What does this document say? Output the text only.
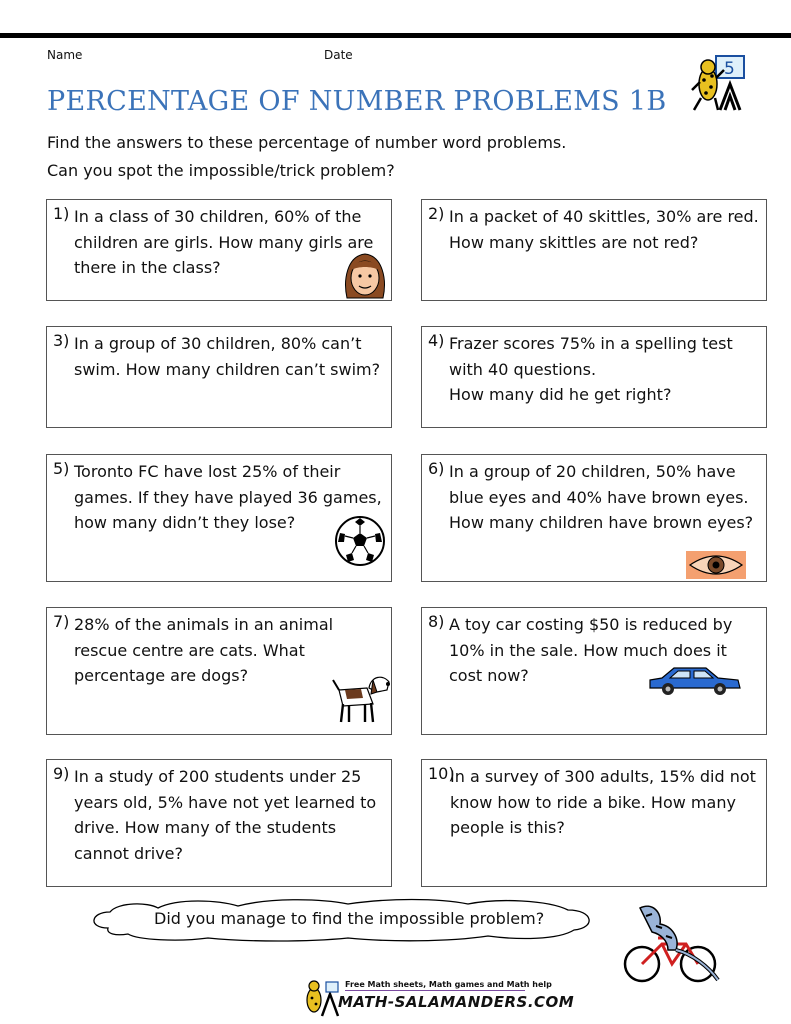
Name	Date
5
PERCENTAGE OF NUMBER PROBLEMS 1B
Find the answers to these percentage of number word problems.
Can you spot the impossible/trick problem?
1) In a class of 30 children, 60% of the children are girls. How many girls are there in the class?
2) In a packet of 40 skittles, 30% are red. How many skittles are not red?
3) In a group of 30 children, 80% can’t swim. How many children can’t swim?
4) Frazer scores 75% in a spelling test with 40 questions.
How many did he get right?
5) Toronto FC have lost 25% of their games. If they have played 36 games, how many didn’t they lose?
6) In a group of 20 children, 50% have blue eyes and 40% have brown eyes. How many children have brown eyes?
7) 28% of the animals in an animal rescue centre are cats. What percentage are dogs?
8) A toy car costing $50 is reduced by 10% in the sale. How much does it cost now?
9) In a study of 200 students under 25 years old, 5% have not yet learned to drive. How many of the students cannot drive?
10)
In a survey of 300 adults, 15% did not know how to ride a bike. How many people is this?
Did you manage to find the impossible problem?
Free Math sheets, Math games and Math help
MATH-SALAMANDERS.COM
